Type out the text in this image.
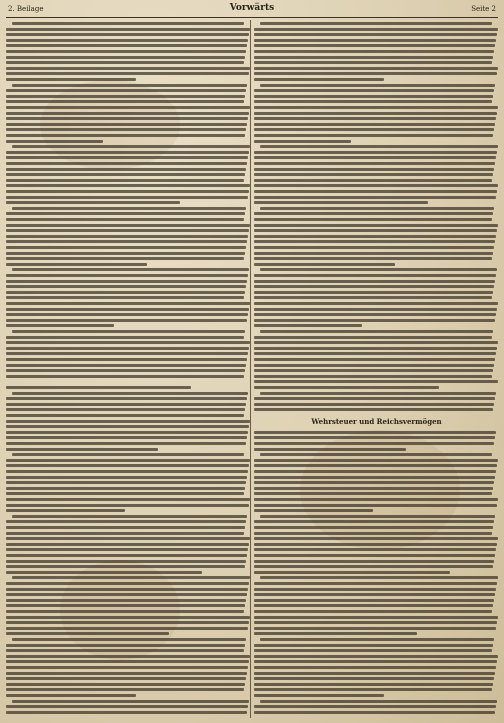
2. Beilage	Vorwärts	Seite 2
Wehrsteuer und Reichsvermögen
